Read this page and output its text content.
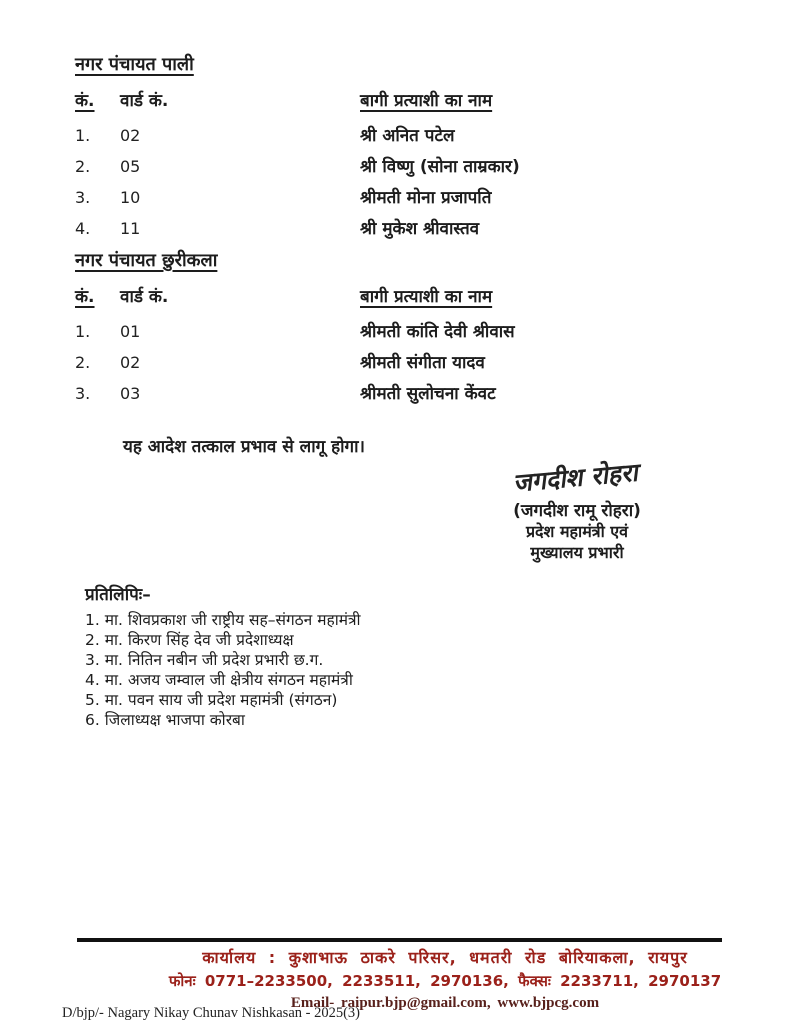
नगर पंचायत पाली
कं.	वार्ड कं.	बागी प्रत्याशी का नाम
1.	02	श्री अनित पटेल
2.	05	श्री विष्णु (सोना ताम्रकार)
3.	10	श्रीमती मोना प्रजापति
4.	11	श्री मुकेश श्रीवास्तव
नगर पंचायत छुरीकला
कं.	वार्ड कं.	बागी प्रत्याशी का नाम
1.	01	श्रीमती कांति देवी श्रीवास
2.	02	श्रीमती संगीता यादव
3.	03	श्रीमती सुलोचना केंवट
यह आदेश तत्काल प्रभाव से लागू होगा।
जगदीश रोहरा
(जगदीश रामू रोहरा)
प्रदेश महामंत्री एवं
मुख्यालय प्रभारी
प्रतिलिपिः–
1. मा. शिवप्रकाश जी राष्ट्रीय सह–संगठन महामंत्री
2. मा. किरण सिंह देव जी प्रदेशाध्यक्ष
3. मा. नितिन नबीन जी प्रदेश प्रभारी छ.ग.
4. मा. अजय जम्वाल जी क्षेत्रीय संगठन महामंत्री
5. मा. पवन साय जी प्रदेश महामंत्री (संगठन)
6. जिलाध्यक्ष भाजपा कोरबा
कार्यालय : कुशाभाऊ ठाकरे परिसर, धमतरी रोड बोरियाकला, रायपुर
फोनः 0771–2233500, 2233511, 2970136, फैक्सः 2233711, 2970137
Email- raipur.bjp@gmail.com, www.bjpcg.com
D/bjp/- Nagary Nikay Chunav Nishkasan - 2025(3)
